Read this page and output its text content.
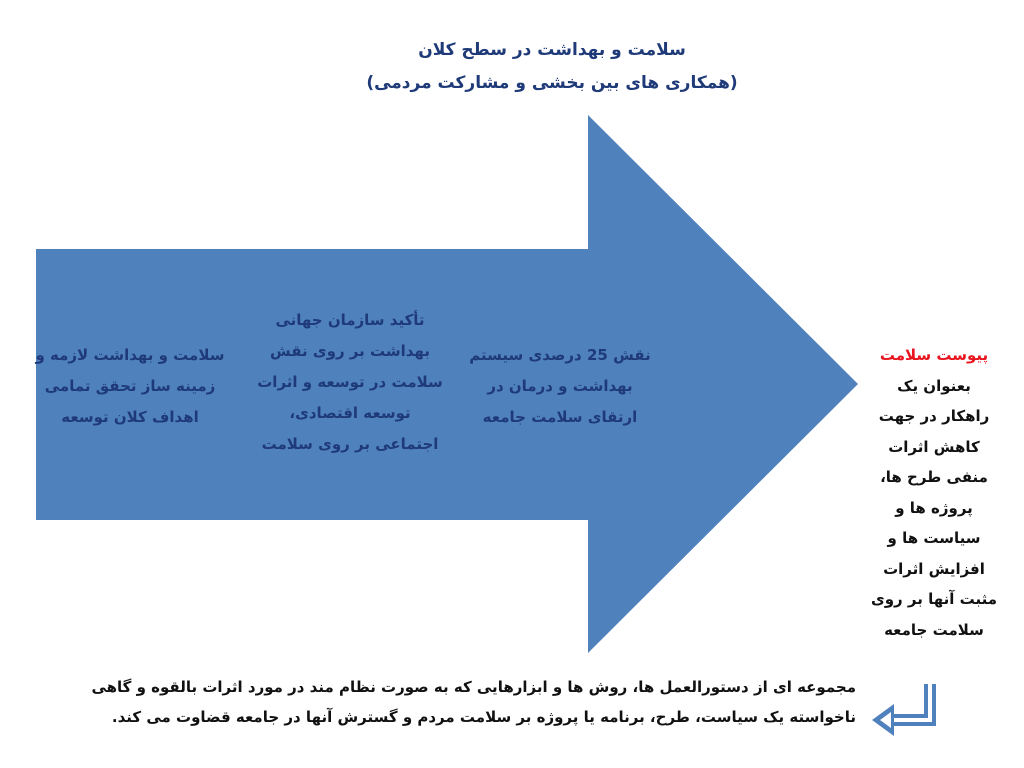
سلامت و بهداشت در سطح کلان
(همکاری های بین بخشی و مشارکت مردمی)
سلامت و بهداشت لازمه و
زمینه ساز تحقق تمامی
اهداف کلان توسعه
تأکید سازمان جهانی
بهداشت بر روی نقش
سلامت در توسعه و اثرات
توسعه اقتصادی،
اجتماعی بر روی سلامت
نقش 25 درصدی سیستم
بهداشت و درمان در
ارتقای سلامت جامعه
پیوست سلامت
بعنوان یک
راهکار در جهت
کاهش اثرات
منفی طرح ها،
پروژه ها و
سیاست ها و
افزایش اثرات
مثبت آنها بر روی
سلامت جامعه
مجموعه ای از دستورالعمل ها، روش ها و ابزارهایی که به صورت نظام مند در مورد اثرات بالقوه و گاهی
ناخواسته یک سیاست، طرح، برنامه یا پروژه بر سلامت مردم و گسترش آنها در جامعه قضاوت می کند.
